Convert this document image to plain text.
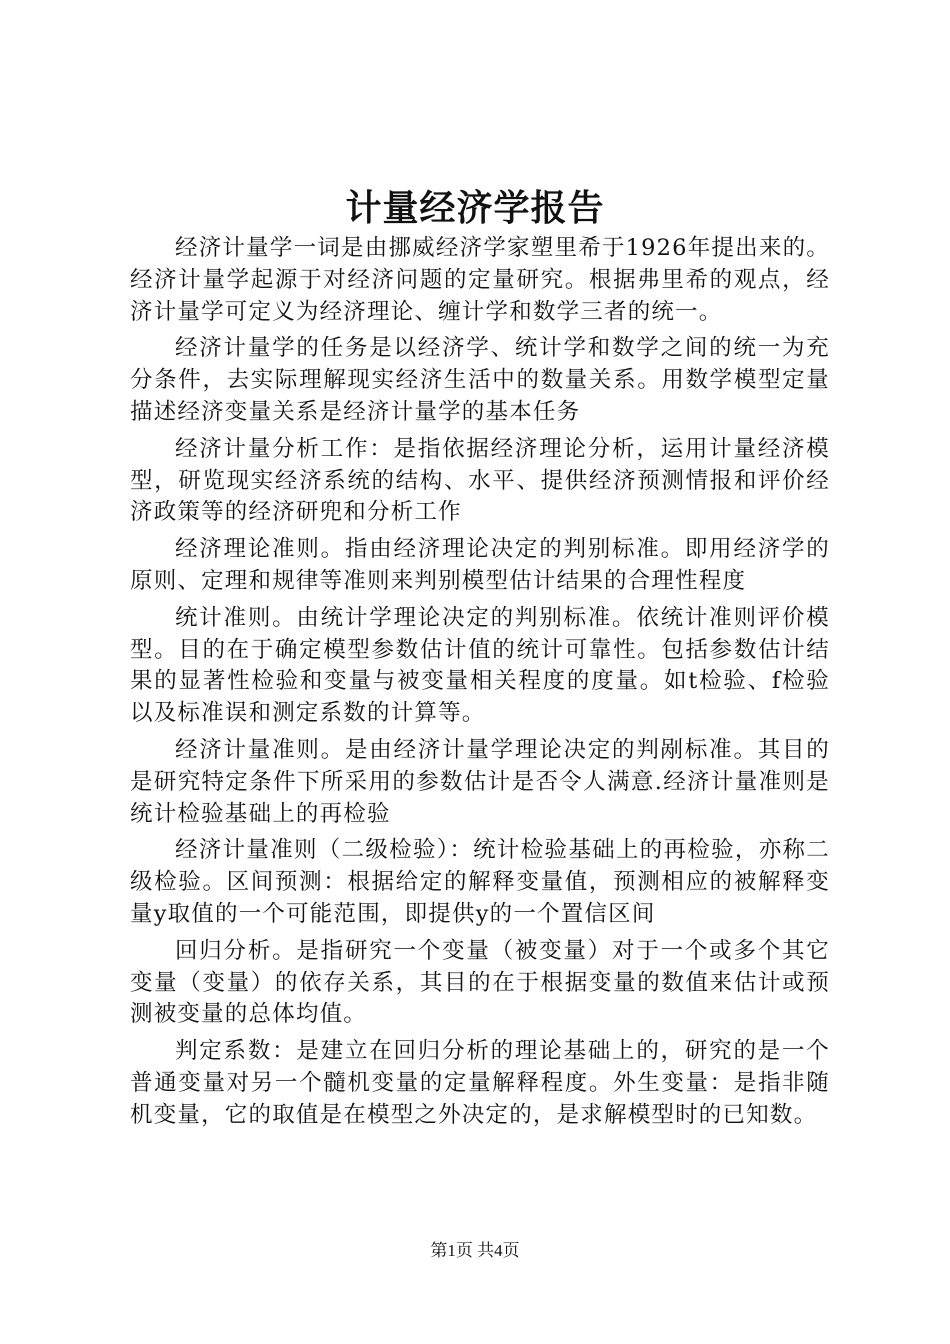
计量经济学报告

经济计量学一词是由挪威经济学家塑里希于1926年提出来的。经济计量学起源于对经济问题的定量研究。根据弗里希的观点，经济计量学可定义为经济理论、缠计学和数学三者的统一。

经济计量学的任务是以经济学、统计学和数学之间的统一为充分条件，去实际理解现实经济生活中的数量关系。用数学模型定量描述经济变量关系是经济计量学的基本任务

经济计量分析工作：是指依据经济理论分析，运用计量经济模型，研览现实经济系统的结构、水平、提供经济预测情报和评价经济政策等的经济研兜和分析工作

经济理论准则。指由经济理论决定的判别标准。即用经济学的原则、定理和规律等准则来判别模型估计结果的合理性程度

统计准则。由统计学理论决定的判别标准。依统计准则评价模型。目的在于确定模型参数估计值的统计可靠性。包括参数估计结果的显著性检验和变量与被变量相关程度的度量。如t检验、f检验以及标准误和测定系数的计算等。

经济计量准则。是由经济计量学理论决定的判剐标准。其目的是研究特定条件下所采用的参数估计是否令人满意.经济计量准则是统计检验基础上的再检验

经济计量准则（二级检验）：统计检验基础上的再检验，亦称二级检验。区间预测：根据给定的解释变量值，预测相应的被解释变量y取值的一个可能范围，即提供y的一个置信区间

回归分析。是指研究一个变量（被变量）对于一个或多个其它变量（变量）的依存关系，其目的在于根据变量的数值来估计或预测被变量的总体均值。

判定系数：是建立在回归分析的理论基础上的，研究的是一个普通变量对另一个髓机变量的定量解释程度。外生变量：是指非随机变量，它的取值是在模型之外决定的，是求解模型时的已知数。

第1页 共4页
